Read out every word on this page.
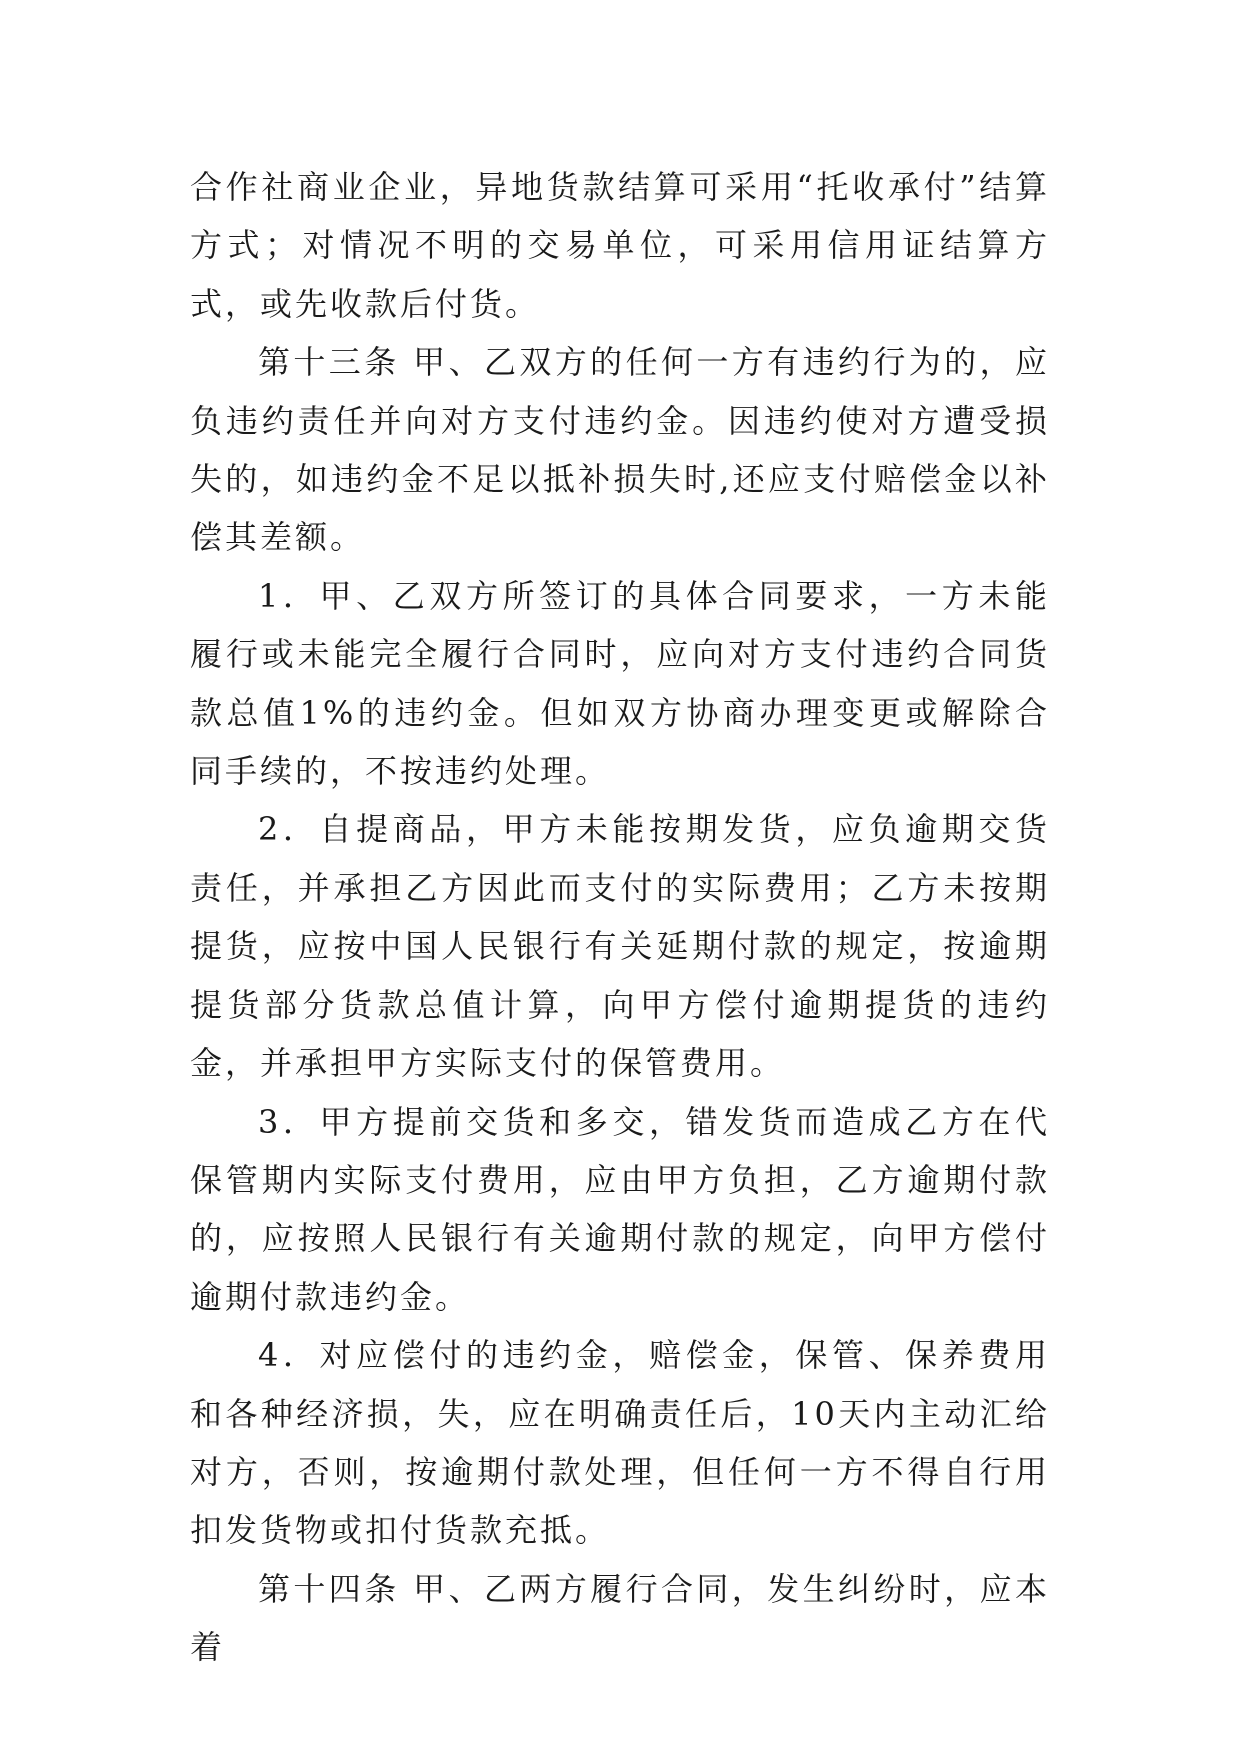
合作社商业企业，异地货款结算可采用“托收承付”结算方式；对情况不明的交易单位，可采用信用证结算方式，或先收款后付货。

第十三条 甲、乙双方的任何一方有违约行为的，应负违约责任并向对方支付违约金。因违约使对方遭受损失的，如违约金不足以抵补损失时,还应支付赔偿金以补偿其差额。

1．甲、乙双方所签订的具体合同要求，一方未能履行或未能完全履行合同时，应向对方支付违约合同货款总值1%的违约金。但如双方协商办理变更或解除合同手续的，不按违约处理。

2．自提商品，甲方未能按期发货，应负逾期交货责任，并承担乙方因此而支付的实际费用；乙方未按期提货，应按中国人民银行有关延期付款的规定，按逾期提货部分货款总值计算，向甲方偿付逾期提货的违约金，并承担甲方实际支付的保管费用。

3．甲方提前交货和多交，错发货而造成乙方在代保管期内实际支付费用，应由甲方负担，乙方逾期付款的，应按照人民银行有关逾期付款的规定，向甲方偿付逾期付款违约金。

4．对应偿付的违约金，赔偿金，保管、保养费用和各种经济损，失，应在明确责任后，10天内主动汇给对方，否则，按逾期付款处理，但任何一方不得自行用扣发货物或扣付货款充抵。

第十四条 甲、乙两方履行合同，发生纠纷时，应本着
